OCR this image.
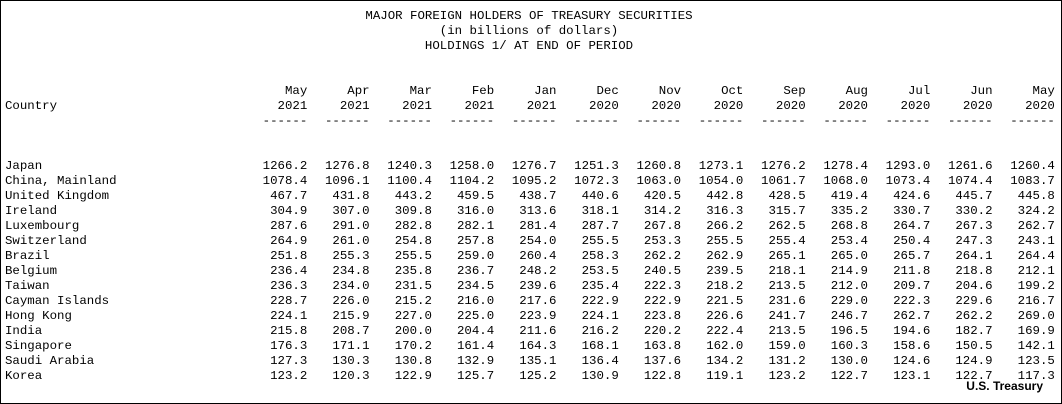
MAJOR FOREIGN HOLDERS OF TREASURY SECURITIES
(in billions of dollars)
HOLDINGS 1/ AT END OF PERIOD
	May	Apr	Mar	Feb	Jan	Dec	Nov	Oct	Sep	Aug	Jul	Jun	May
Country	2021	2021	2021	2021	2021	2020	2020	2020	2020	2020	2020	2020	2020
	------	------	------	------	------	------	------	------	------	------	------	------	------

Japan	1266.2	1276.8	1240.3	1258.0	1276.7	1251.3	1260.8	1273.1	1276.2	1278.4	1293.0	1261.6	1260.4
China, Mainland	1078.4	1096.1	1100.4	1104.2	1095.2	1072.3	1063.0	1054.0	1061.7	1068.0	1073.4	1074.4	1083.7
United Kingdom	467.7	431.8	443.2	459.5	438.7	440.6	420.5	442.8	428.5	419.4	424.6	445.7	445.8
Ireland	304.9	307.0	309.8	316.0	313.6	318.1	314.2	316.3	315.7	335.2	330.7	330.2	324.2
Luxembourg	287.6	291.0	282.8	282.1	281.4	287.7	267.8	266.2	262.5	268.8	264.7	267.3	262.7
Switzerland	264.9	261.0	254.8	257.8	254.0	255.5	253.3	255.5	255.4	253.4	250.4	247.3	243.1
Brazil	251.8	255.3	255.5	259.0	260.4	258.3	262.2	262.9	265.1	265.0	265.7	264.1	264.4
Belgium	236.4	234.8	235.8	236.7	248.2	253.5	240.5	239.5	218.1	214.9	211.8	218.8	212.1
Taiwan	236.3	234.0	231.5	234.5	239.6	235.4	222.3	218.2	213.5	212.0	209.7	204.6	199.2
Cayman Islands	228.7	226.0	215.2	216.0	217.6	222.9	222.9	221.5	231.6	229.0	222.3	229.6	216.7
Hong Kong	224.1	215.9	227.0	225.0	223.9	224.1	223.8	226.6	241.7	246.7	262.7	262.2	269.0
India	215.8	208.7	200.0	204.4	211.6	216.2	220.2	222.4	213.5	196.5	194.6	182.7	169.9
Singapore	176.3	171.1	170.2	161.4	164.3	168.1	163.8	162.0	159.0	160.3	158.6	150.5	142.1
Saudi Arabia	127.3	130.3	130.8	132.9	135.1	136.4	137.6	134.2	131.2	130.0	124.6	124.9	123.5
Korea	123.2	120.3	122.9	125.7	125.2	130.9	122.8	119.1	123.2	122.7	123.1	122.7	117.3
U.S. Treasury
